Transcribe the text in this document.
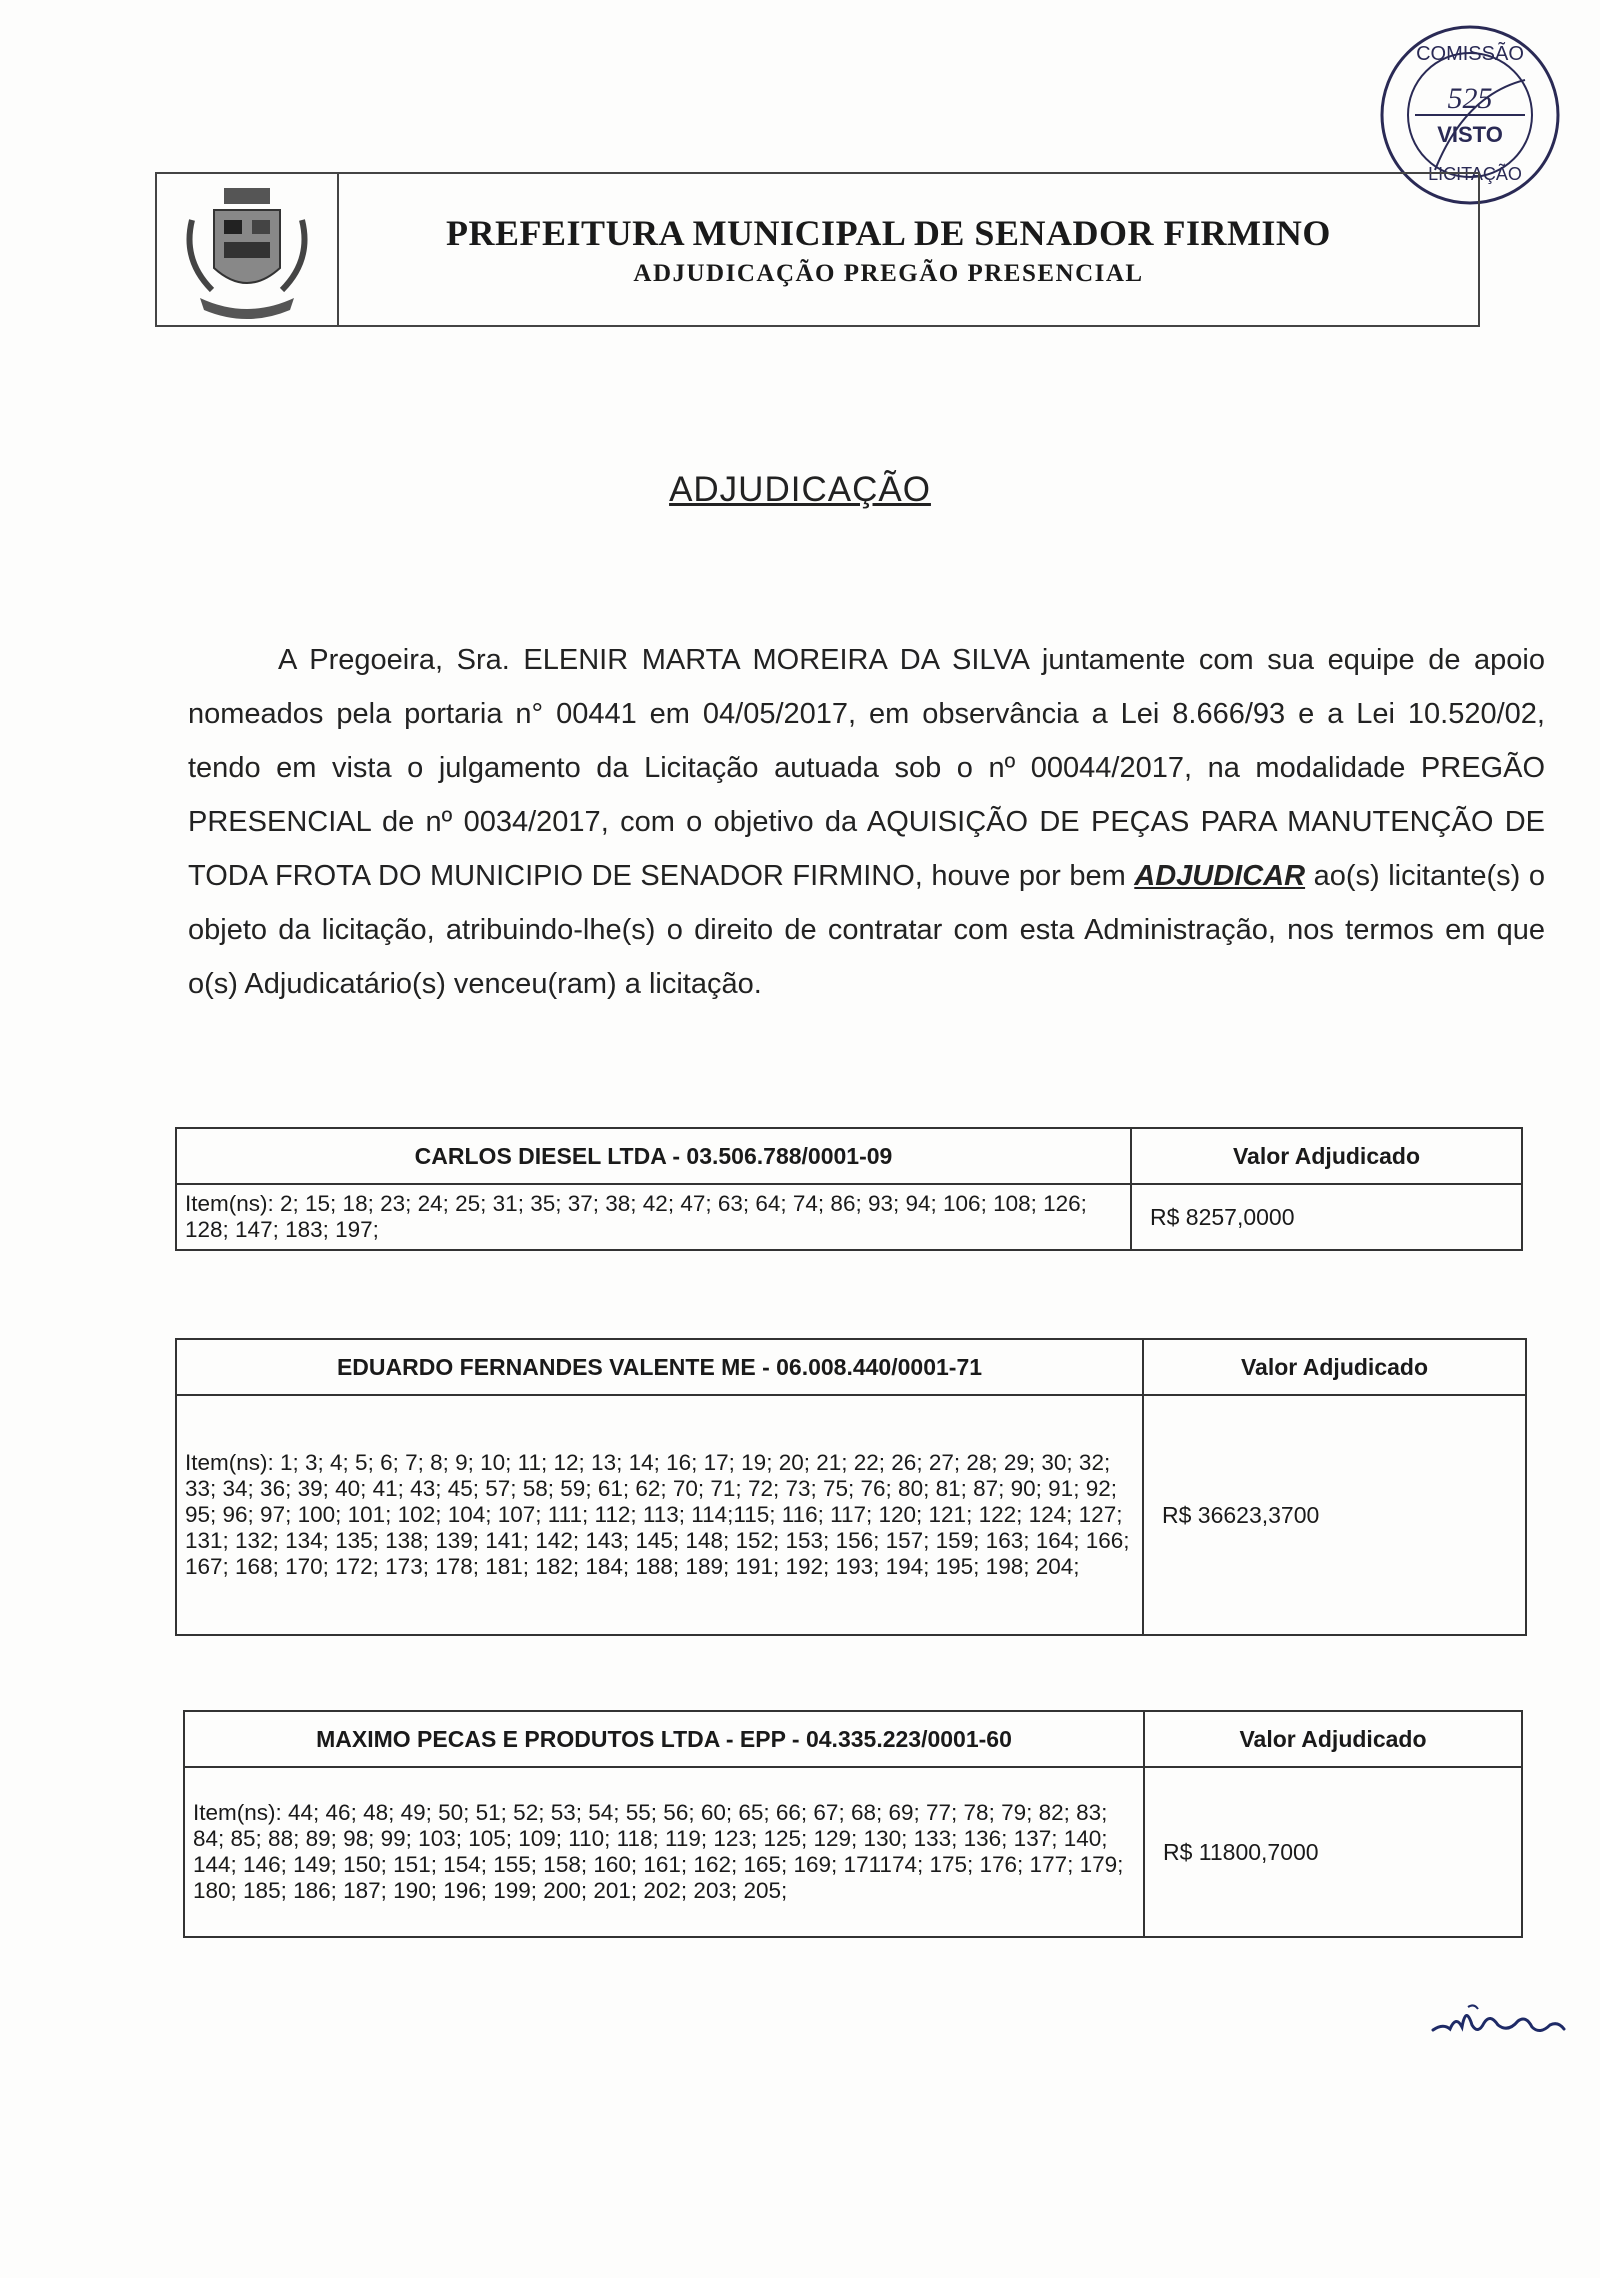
COMISSÃO
525
VISTO
LICITAÇÃO
PREFEITURA MUNICIPAL DE SENADOR FIRMINO
ADJUDICAÇÃO PREGÃO PRESENCIAL
ADJUDICAÇÃO

A Pregoeira, Sra. ELENIR MARTA MOREIRA DA SILVA juntamente com sua equipe de apoio nomeados pela portaria n° 00441 em 04/05/2017, em observância a Lei 8.666/93 e a Lei 10.520/02, tendo em vista o julgamento da Licitação autuada sob o nº 00044/2017, na modalidade PREGÃO PRESENCIAL de nº 0034/2017, com o objetivo da AQUISIÇÃO DE PEÇAS PARA MANUTENÇÃO DE TODA FROTA DO MUNICIPIO DE SENADOR FIRMINO, houve por bem ADJUDICAR ao(s) licitante(s) o objeto da licitação, atribuindo-lhe(s) o direito de contratar com esta Administração, nos termos em que o(s) Adjudicatário(s) venceu(ram) a licitação.

CARLOS DIESEL LTDA - 03.506.788/0001-09	Valor Adjudicado
Item(ns): 2; 15; 18; 23; 24; 25; 31; 35; 37; 38; 42; 47; 63; 64; 74; 86; 93; 94; 106; 108; 126; 128; 147; 183; 197;	R$ 8257,0000
EDUARDO FERNANDES VALENTE ME - 06.008.440/0001-71	Valor Adjudicado
Item(ns): 1; 3; 4; 5; 6; 7; 8; 9; 10; 11; 12; 13; 14; 16; 17; 19; 20; 21; 22; 26; 27; 28; 29; 30; 32; 33; 34; 36; 39; 40; 41; 43; 45; 57; 58; 59; 61; 62; 70; 71; 72; 73; 75; 76; 80; 81; 87; 90; 91; 92; 95; 96; 97; 100; 101; 102; 104; 107; 111; 112; 113; 114;115; 116; 117; 120; 121; 122; 124; 127; 131; 132; 134; 135; 138; 139; 141; 142; 143; 145; 148; 152; 153; 156; 157; 159; 163; 164; 166; 167; 168; 170; 172; 173; 178; 181; 182; 184; 188; 189; 191; 192; 193; 194; 195; 198; 204;	R$ 36623,3700
MAXIMO PECAS E PRODUTOS LTDA - EPP - 04.335.223/0001-60	Valor Adjudicado
Item(ns): 44; 46; 48; 49; 50; 51; 52; 53; 54; 55; 56; 60; 65; 66; 67; 68; 69; 77; 78; 79; 82; 83; 84; 85; 88; 89; 98; 99; 103; 105; 109; 110; 118; 119; 123; 125; 129; 130; 133; 136; 137; 140; 144; 146; 149; 150; 151; 154; 155; 158; 160; 161; 162; 165; 169; 171174; 175; 176; 177; 179; 180; 185; 186; 187; 190; 196; 199; 200; 201; 202; 203; 205;	R$ 11800,7000
